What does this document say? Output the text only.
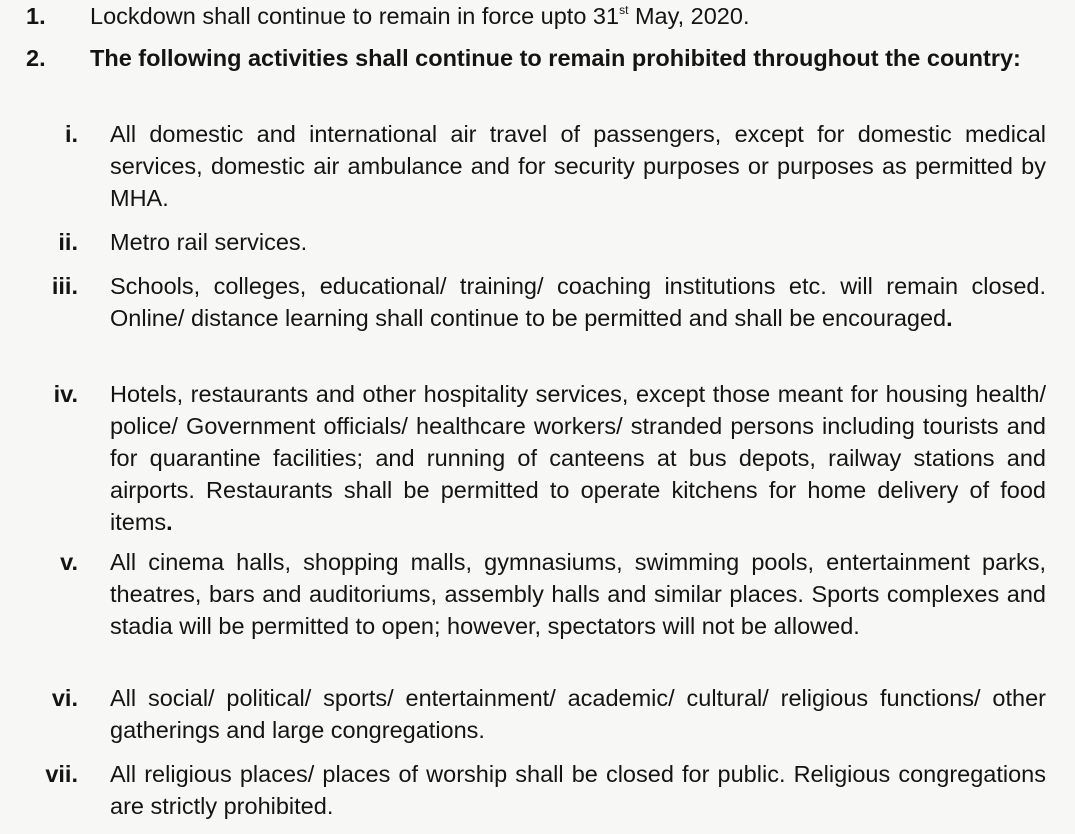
1. Lockdown shall continue to remain in force upto 31st May, 2020.
2. The following activities shall continue to remain prohibited throughout the country:
i. All domestic and international air travel of passengers, except for domestic medical services, domestic air ambulance and for security purposes or purposes as permitted by MHA.
ii. Metro rail services.
iii. Schools, colleges, educational/ training/ coaching institutions etc. will remain closed. Online/ distance learning shall continue to be permitted and shall be encouraged.
iv. Hotels, restaurants and other hospitality services, except those meant for housing health/ police/ Government officials/ healthcare workers/ stranded persons including tourists and for quarantine facilities; and running of canteens at bus depots, railway stations and airports. Restaurants shall be permitted to operate kitchens for home delivery of food items.
v. All cinema halls, shopping malls, gymnasiums, swimming pools, entertainment parks, theatres, bars and auditoriums, assembly halls and similar places. Sports complexes and stadia will be permitted to open; however, spectators will not be allowed.
vi. All social/ political/ sports/ entertainment/ academic/ cultural/ religious functions/ other gatherings and large congregations.
vii. All religious places/ places of worship shall be closed for public. Religious congregations are strictly prohibited.
